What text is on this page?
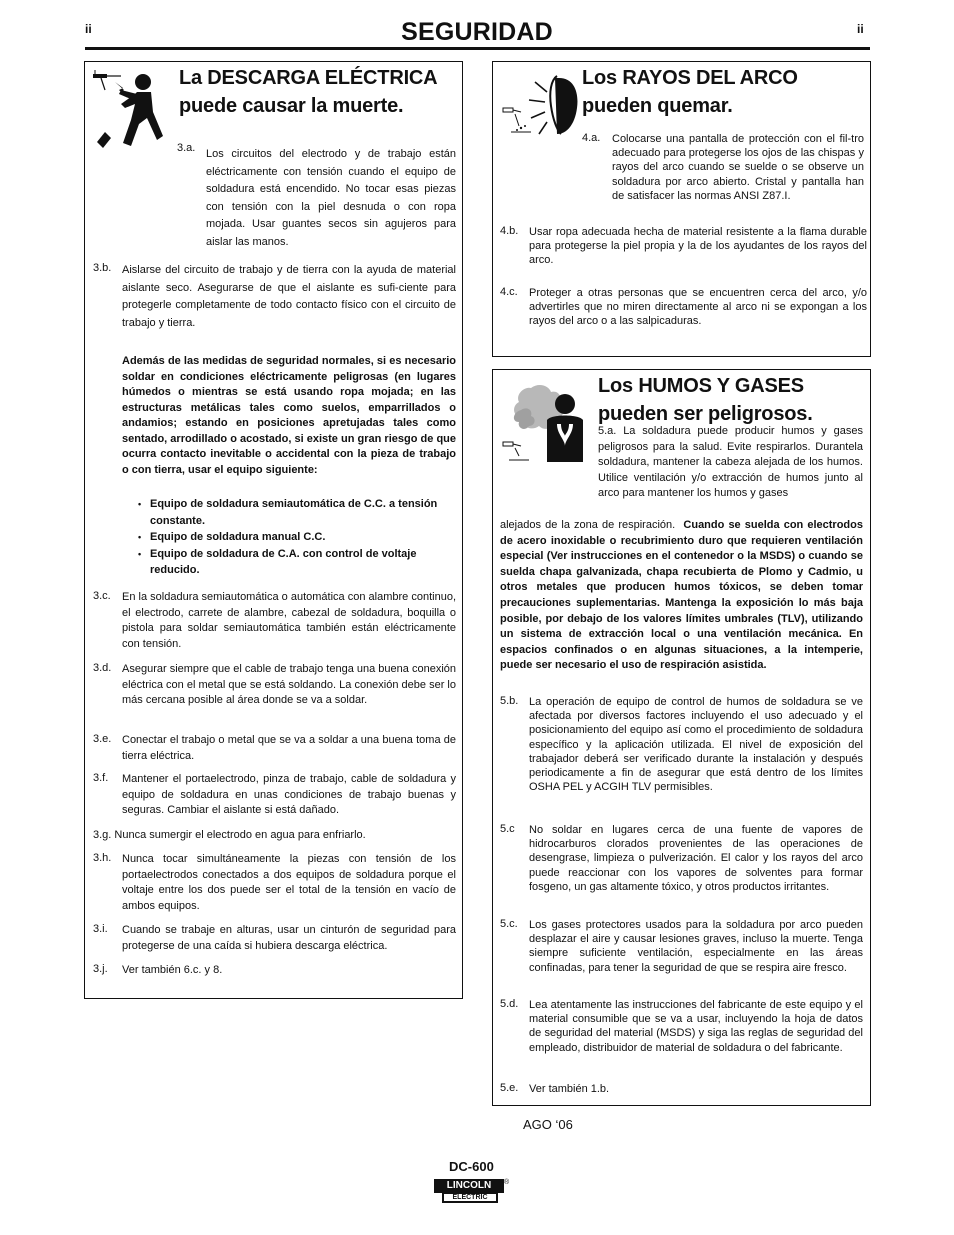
ii	ii
SEGURIDAD
La DESCARGA ELÉCTRICA
puede causar la muerte.
3.a. Los circuitos del electrodo y de trabajo están eléctricamente con tensión cuando el equipo de soldadura está encendido. No tocar esas piezas con tensión con la piel desnuda o con ropa mojada. Usar guantes secos sin agujeros para aislar las manos.
3.b. Aislarse del circuito de trabajo y de tierra con la ayuda de material aislante seco. Asegurarse de que el aislante es sufi-ciente para protegerle completamente de todo contacto físico con el circuito de trabajo y tierra.
Además de las medidas de seguridad normales, si es necesario soldar en condiciones eléctricamente peligrosas (en lugares húmedos o mientras se está usando ropa mojada; en las estructuras metálicas tales como suelos, emparrillados o andamios; estando en posiciones apretujadas tales como sentado, arrodillado o acostado, si existe un gran riesgo de que ocurra contacto inevitable o accidental con la pieza de trabajo o con tierra, usar el equipo siguiente:
• Equipo de soldadura semiautomática de C.C. a tensión constante.
• Equipo de soldadura manual C.C.
• Equipo de soldadura de C.A. con control de voltaje reducido.
3.c. En la soldadura semiautomática o automática con alambre continuo, el electrodo, carrete de alambre, cabezal de soldadura, boquilla o pistola para soldar semiautomática también están eléctricamente con tensión.
3.d. Asegurar siempre que el cable de trabajo tenga una buena conexión eléctrica con el metal que se está soldando. La conexión debe ser lo más cercana posible al área donde se va a soldar.
3.e. Conectar el trabajo o metal que se va a soldar a una buena toma de tierra eléctrica.
3.f. Mantener el portaelectrodo, pinza de trabajo, cable de soldadura y equipo de soldadura en unas condiciones de trabajo buenas y seguras. Cambiar el aislante si está dañado.
3.g. Nunca sumergir el electrodo en agua para enfriarlo.
3.h. Nunca tocar simultáneamente la piezas con tensión de los portaelectrodos conectados a dos equipos de soldadura porque el voltaje entre los dos puede ser el total de la tensión en vacío de ambos equipos.
3.i. Cuando se trabaje en alturas, usar un cinturón de seguridad para protegerse de una caída si hubiera descarga eléctrica.
3.j. Ver también 6.c. y 8.
Los RAYOS DEL ARCO
pueden quemar.
4.a. Colocarse una pantalla de protección con el fil-tro adecuado para protegerse los ojos de las chispas y rayos del arco cuando se suelde o se observe un soldadura por arco abierto. Cristal y pantalla han de satisfacer las normas ANSI Z87.I.
4.b. Usar ropa adecuada hecha de material resistente a la flama durable para protegerse la piel propia y la de los ayudantes de los rayos del arco.
4.c. Proteger a otras personas que se encuentren cerca del arco, y/o advertirles que no miren directamente al arco ni se expongan a los rayos del arco o a las salpicaduras.
Los HUMOS Y GASES
pueden ser peligrosos.
5.a. La soldadura puede producir humos y gases peligrosos para la salud. Evite respirarlos. Durantela soldadura, mantener la cabeza alejada de los humos. Utilice ventilación y/o extracción de humos junto al arco para mantener los humos y gases
alejados de la zona de respiración. Cuando se suelda con electrodos de acero inoxidable o recubrimiento duro que requieren ventilación especial (Ver instrucciones en el contenedor o la MSDS) o cuando se suelda chapa galvanizada, chapa recubierta de Plomo y Cadmio, u otros metales que producen humos tóxicos, se deben tomar precauciones suplementarias. Mantenga la exposición lo más baja posible, por debajo de los valores límites umbrales (TLV), utilizando un sistema de extracción local o una ventilación mecánica. En espacios confinados o en algunas situaciones, a la intemperie, puede ser necesario el uso de respiración asistida.
5.b. La operación de equipo de control de humos de soldadura se ve afectada por diversos factores incluyendo el uso adecuado y el posicionamiento del equipo así como el procedimiento de soldadura específico y la aplicación utilizada. El nivel de exposición del trabajador deberá ser verificado durante la instalación y después periodicamente a fin de asegurar que está dentro de los límites OSHA PEL y ACGIH TLV permisibles.
5.c No soldar en lugares cerca de una fuente de vapores de hidrocarburos clorados provenientes de las operaciones de desengrase, limpieza o pulverización. El calor y los rayos del arco puede reaccionar con los vapores de solventes para formar fosgeno, un gas altamente tóxico, y otros productos irritantes.
5.c. Los gases protectores usados para la soldadura por arco pueden desplazar el aire y causar lesiones graves, incluso la muerte. Tenga siempre suficiente ventilación, especialmente en las áreas confinadas, para tener la seguridad de que se respira aire fresco.
5.d. Lea atentamente las instrucciones del fabricante de este equipo y el material consumible que se va a usar, incluyendo la hoja de datos de seguridad del material (MSDS) y siga las reglas de seguridad del empleado, distribuidor de material de soldadura o del fabricante.
5.e. Ver también 1.b.
AGO ‘06
DC-600
LINCOLN	®
ELECTRIC
